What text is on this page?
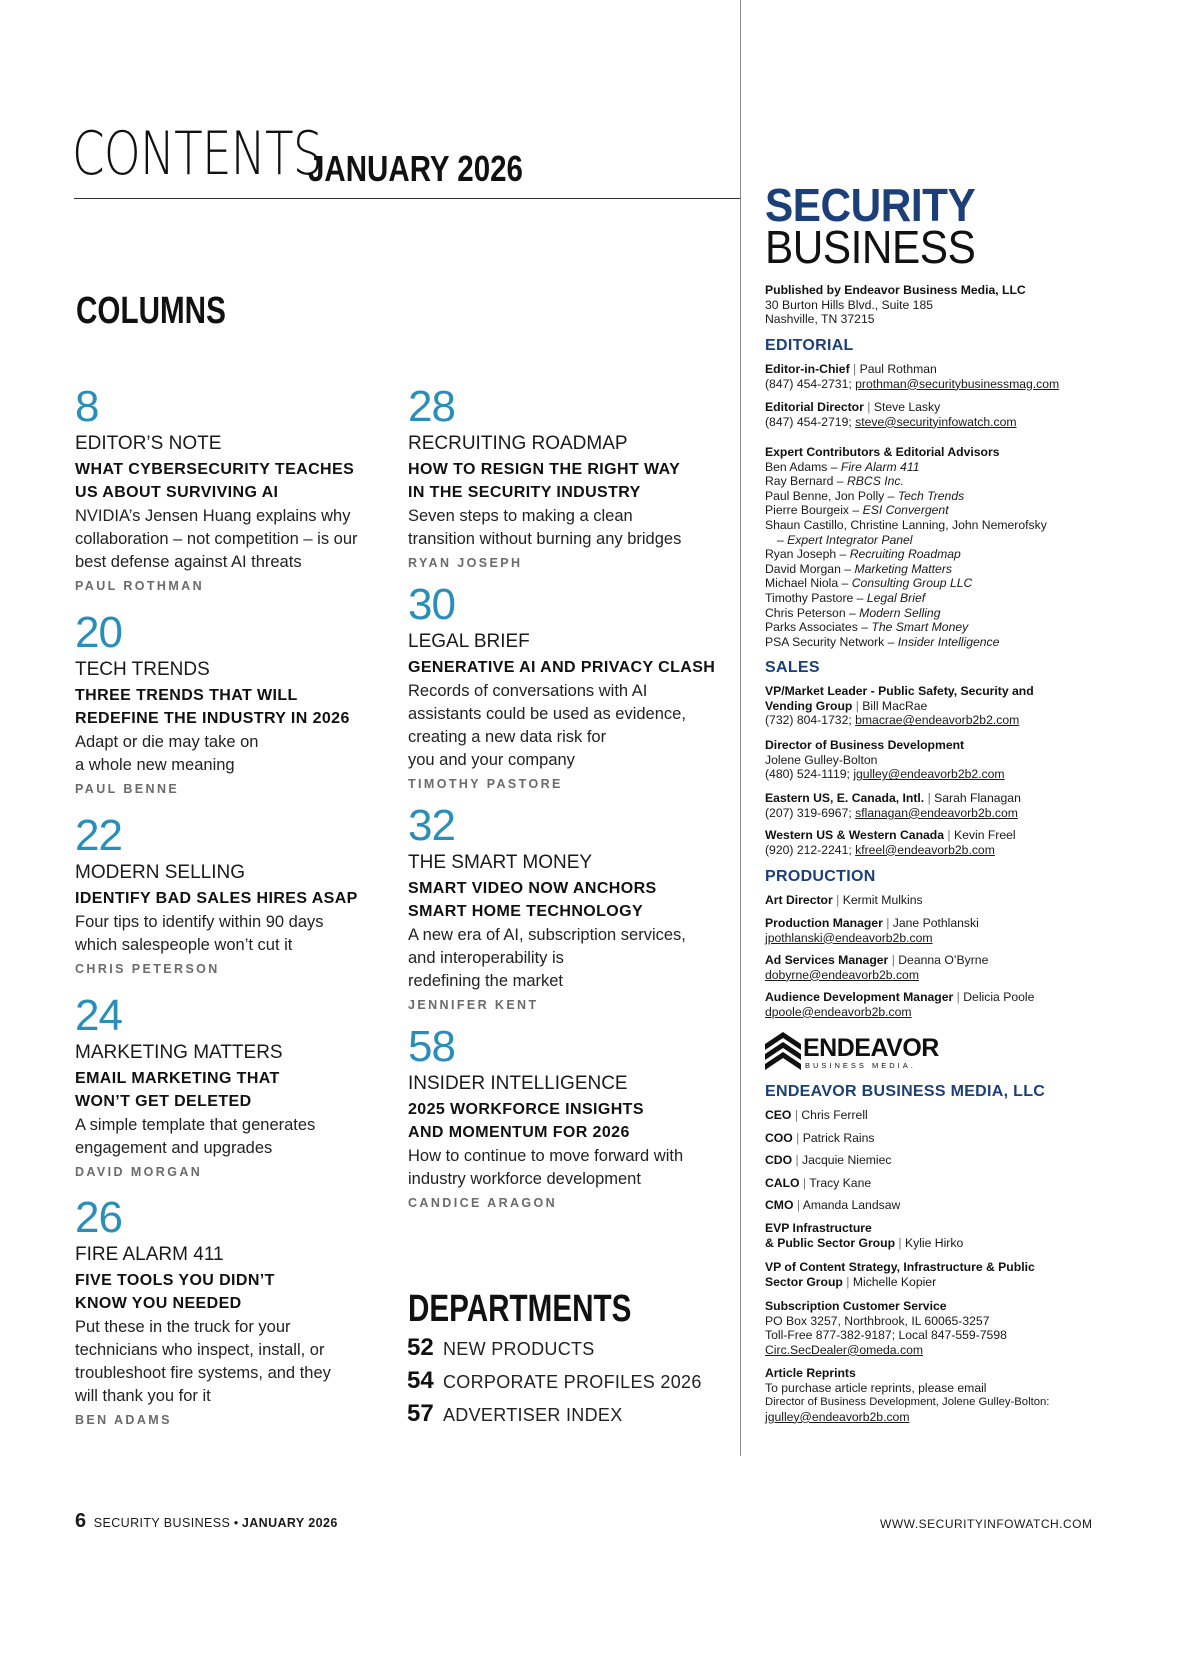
CONTENTS
JANUARY 2026
COLUMNS
8
EDITOR’S NOTE
WHAT CYBERSECURITY TEACHES
US ABOUT SURVIVING AI
NVIDIA’s Jensen Huang explains why
collaboration – not competition – is our
best defense against AI threats
PAUL ROTHMAN
20
TECH TRENDS
THREE TRENDS THAT WILL
REDEFINE THE INDUSTRY IN 2026
Adapt or die may take on
a whole new meaning
PAUL BENNE
22
MODERN SELLING
IDENTIFY BAD SALES HIRES ASAP
Four tips to identify within 90 days
which salespeople won’t cut it
CHRIS PETERSON
24
MARKETING MATTERS
EMAIL MARKETING THAT
WON’T GET DELETED
A simple template that generates
engagement and upgrades
DAVID MORGAN
26
FIRE ALARM 411
FIVE TOOLS YOU DIDN’T
KNOW YOU NEEDED
Put these in the truck for your
technicians who inspect, install, or
troubleshoot fire systems, and they
will thank you for it
BEN ADAMS
28
RECRUITING ROADMAP
HOW TO RESIGN THE RIGHT WAY
IN THE SECURITY INDUSTRY
Seven steps to making a clean
transition without burning any bridges
RYAN JOSEPH
30
LEGAL BRIEF
GENERATIVE AI AND PRIVACY CLASH
Records of conversations with AI
assistants could be used as evidence,
creating a new data risk for
you and your company
TIMOTHY PASTORE
32
THE SMART MONEY
SMART VIDEO NOW ANCHORS
SMART HOME TECHNOLOGY
A new era of AI, subscription services,
and interoperability is
redefining the market
JENNIFER KENT
58
INSIDER INTELLIGENCE
2025 WORKFORCE INSIGHTS
AND MOMENTUM FOR 2026
How to continue to move forward with
industry workforce development
CANDICE ARAGON
DEPARTMENTS
52 NEW PRODUCTS
54 CORPORATE PROFILES 2026
57 ADVERTISER INDEX
SECURITY
BUSINESS
Published by Endeavor Business Media, LLC
30 Burton Hills Blvd., Suite 185
Nashville, TN 37215
EDITORIAL
Editor-in-Chief | Paul Rothman
(847) 454-2731; prothman@securitybusinessmag.com
Editorial Director | Steve Lasky
(847) 454-2719; steve@securityinfowatch.com
Expert Contributors & Editorial Advisors
Ben Adams – Fire Alarm 411
Ray Bernard – RBCS Inc.
Paul Benne, Jon Polly – Tech Trends
Pierre Bourgeix – ESI Convergent
Shaun Castillo, Christine Lanning, John Nemerofsky
– Expert Integrator Panel
Ryan Joseph – Recruiting Roadmap
David Morgan – Marketing Matters
Michael Niola – Consulting Group LLC
Timothy Pastore – Legal Brief
Chris Peterson – Modern Selling
Parks Associates – The Smart Money
PSA Security Network – Insider Intelligence
SALES
VP/Market Leader - Public Safety, Security and
Vending Group | Bill MacRae
(732) 804-1732; bmacrae@endeavorb2b2.com
Director of Business Development
Jolene Gulley-Bolton
(480) 524-1119; jgulley@endeavorb2b2.com
Eastern US, E. Canada, Intl. | Sarah Flanagan
(207) 319-6967; sflanagan@endeavorb2b.com
Western US & Western Canada | Kevin Freel
(920) 212-2241; kfreel@endeavorb2b.com
PRODUCTION
Art Director | Kermit Mulkins
Production Manager | Jane Pothlanski
jpothlanski@endeavorb2b.com
Ad Services Manager | Deanna O’Byrne
dobyrne@endeavorb2b.com
Audience Development Manager | Delicia Poole
dpoole@endeavorb2b.com
ENDEAVOR
BUSINESS MEDIA.
ENDEAVOR BUSINESS MEDIA, LLC
CEO | Chris Ferrell
COO | Patrick Rains
CDO | Jacquie Niemiec
CALO | Tracy Kane
CMO | Amanda Landsaw
EVP Infrastructure
& Public Sector Group | Kylie Hirko
VP of Content Strategy, Infrastructure & Public
Sector Group | Michelle Kopier
Subscription Customer Service
PO Box 3257, Northbrook, IL 60065-3257
Toll-Free 877-382-9187; Local 847-559-7598
Circ.SecDealer@omeda.com
Article Reprints
To purchase article reprints, please email
Director of Business Development, Jolene Gulley-Bolton:
jgulley@endeavorb2b.com
6 SECURITY BUSINESS • JANUARY 2026	WWW.SECURITYINFOWATCH.COM
